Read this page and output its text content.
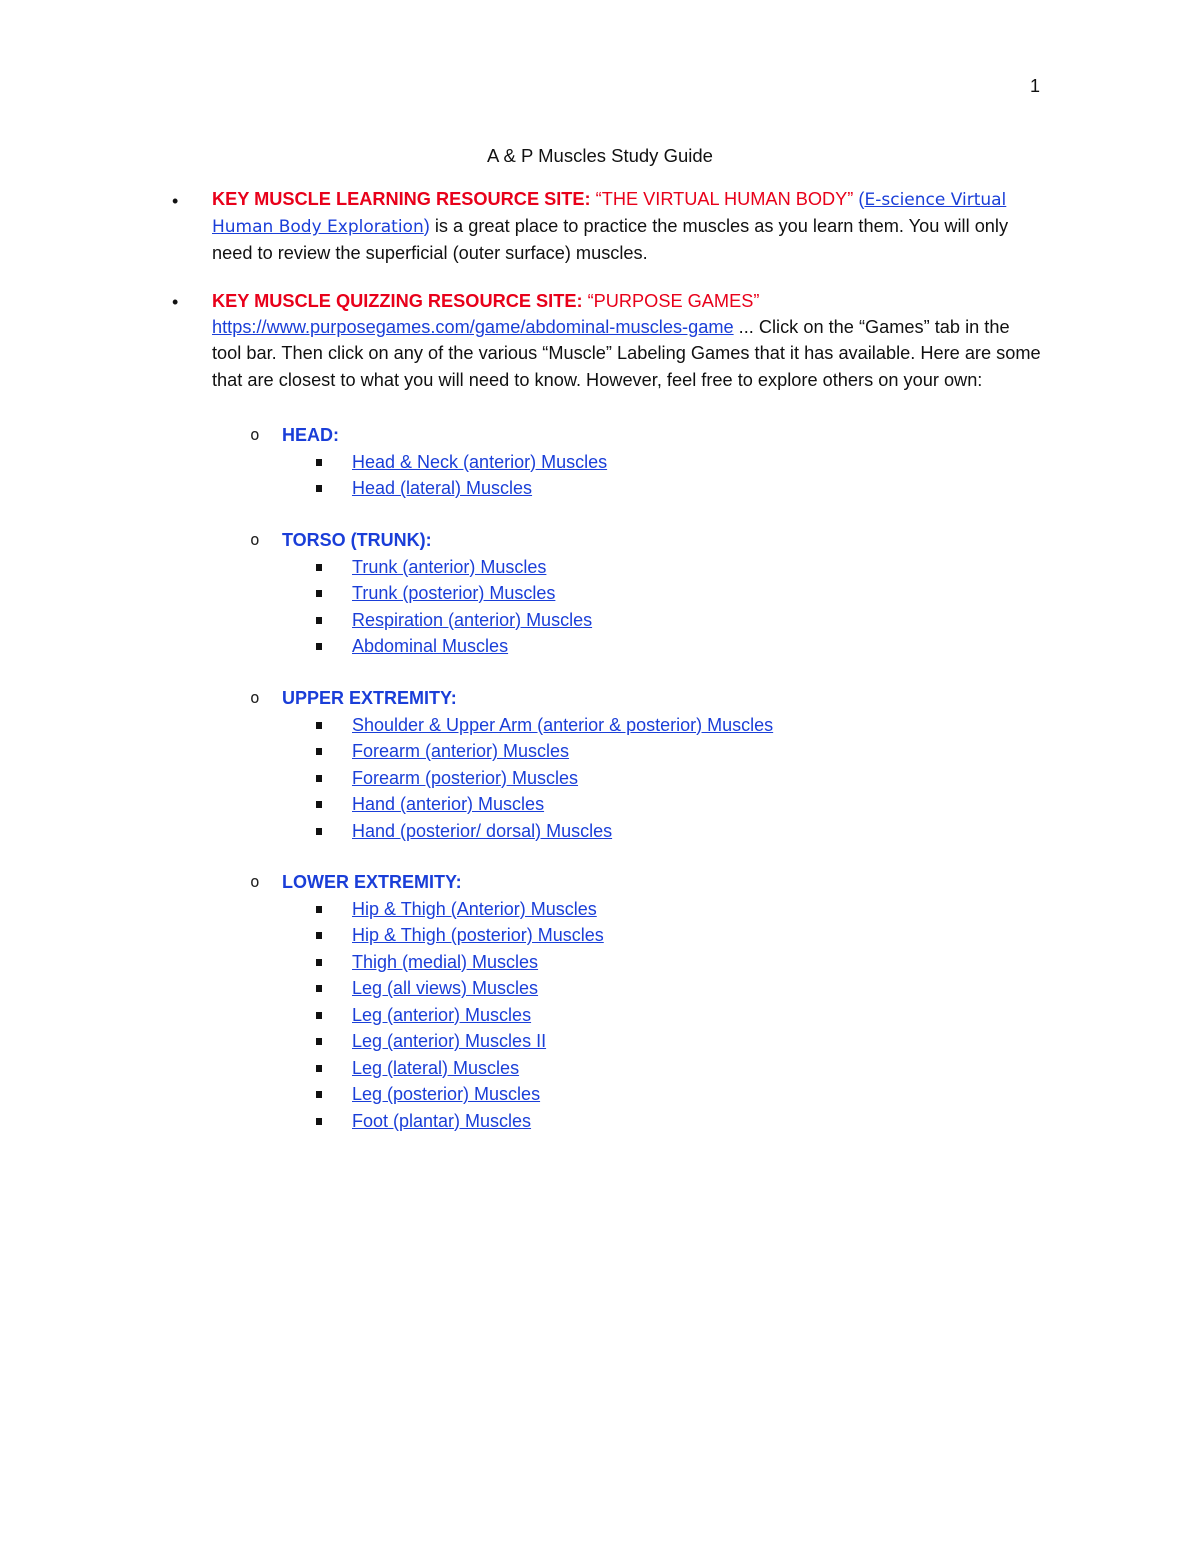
1
A & P Muscles Study Guide
• KEY MUSCLE LEARNING RESOURCE SITE: “THE VIRTUAL HUMAN BODY” (E-science Virtual Human Body Exploration) is a great place to practice the muscles as you learn them. You will only need to review the superficial (outer surface) muscles.
• KEY MUSCLE QUIZZING RESOURCE SITE: “PURPOSE GAMES”
https://www.purposegames.com/game/abdominal-muscles-game ... Click on the “Games” tab in the tool bar. Then click on any of the various “Muscle” Labeling Games that it has available. Here are some that are closest to what you will need to know. However, feel free to explore others on your own:
o HEAD:
Head & Neck (anterior) Muscles
Head (lateral) Muscles
o TORSO (TRUNK):
Trunk (anterior) Muscles
Trunk (posterior) Muscles
Respiration (anterior) Muscles
Abdominal Muscles
o UPPER EXTREMITY:
Shoulder & Upper Arm (anterior & posterior) Muscles
Forearm (anterior) Muscles
Forearm (posterior) Muscles
Hand (anterior) Muscles
Hand (posterior/ dorsal) Muscles
o LOWER EXTREMITY:
Hip & Thigh (Anterior) Muscles
Hip & Thigh (posterior) Muscles
Thigh (medial) Muscles
Leg (all views) Muscles
Leg (anterior) Muscles
Leg (anterior) Muscles II
Leg (lateral) Muscles
Leg (posterior) Muscles
Foot (plantar) Muscles
